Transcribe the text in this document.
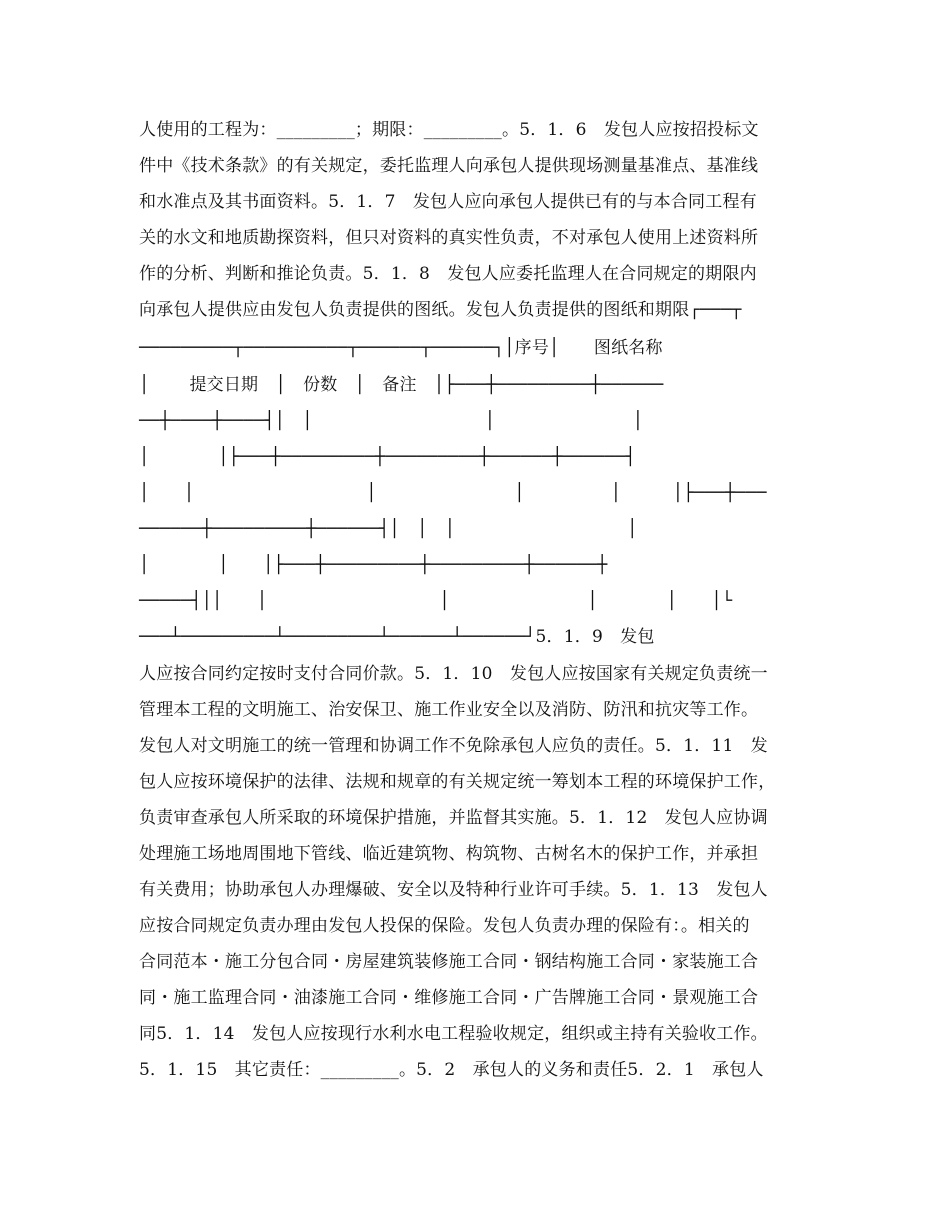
人使用的工程为：_________；期限：_________。5．1．6　发包人应按招投标文
件中《技术条款》的有关规定，委托监理人向承包人提供现场测量基准点、基准线
和水准点及其书面资料。5．1．7　发包人应向承包人提供已有的与本合同工程有
关的水文和地质勘探资料，但只对资料的真实性负责，不对承包人使用上述资料所
作的分析、判断和推论负责。5．1．8　发包人应委托监理人在合同规定的期限内
向承包人提供应由发包人负责提供的图纸。发包人负责提供的图纸和期限┌───┬
─────────┬──────────┬──────┬──────┐│序号│　　图纸名称
│　　 提交日期　│　份数　│　备注　│├───┼─────────┼──────
──┼────┼────┤│　│　　　　　　　　　　│　　　　　　　　│
│　　　　│├───┼─────────┼─────────┼──────┼──────┤
│　　│　　　　　　　　　　│　　　　　　　　│　　　　　│　　　│├───┼───
──────┼─────────┼──────┤│　│　│　　　　　　　　　　│
│　　　　│　　│├───┼─────────┼─────────┼──────┼
─────┤││　　│　　　　　　　　　　│　　　　　　　　│　　　　│　　│└
───┴─────────┴─────────┴──────┴──────┘5．1．9　发包
人应按合同约定按时支付合同价款。5．1．10　发包人应按国家有关规定负责统一
管理本工程的文明施工、治安保卫、施工作业安全以及消防、防汛和抗灾等工作。
发包人对文明施工的统一管理和协调工作不免除承包人应负的责任。5．1．11　发
包人应按环境保护的法律、法规和规章的有关规定统一筹划本工程的环境保护工作，
负责审查承包人所采取的环境保护措施，并监督其实施。5．1．12　发包人应协调
处理施工场地周围地下管线、临近建筑物、构筑物、古树名木的保护工作，并承担
有关费用；协助承包人办理爆破、安全以及特种行业许可手续。5．1．13　发包人
应按合同规定负责办理由发包人投保的保险。发包人负责办理的保险有：。相关的
合同范本・施工分包合同・房屋建筑装修施工合同・钢结构施工合同・家装施工合
同・施工监理合同・油漆施工合同・维修施工合同・广告牌施工合同・景观施工合
同5．1．14　发包人应按现行水利水电工程验收规定，组织或主持有关验收工作。
5．1．15　其它责任：_________。5．2　承包人的义务和责任5．2．1　承包人
